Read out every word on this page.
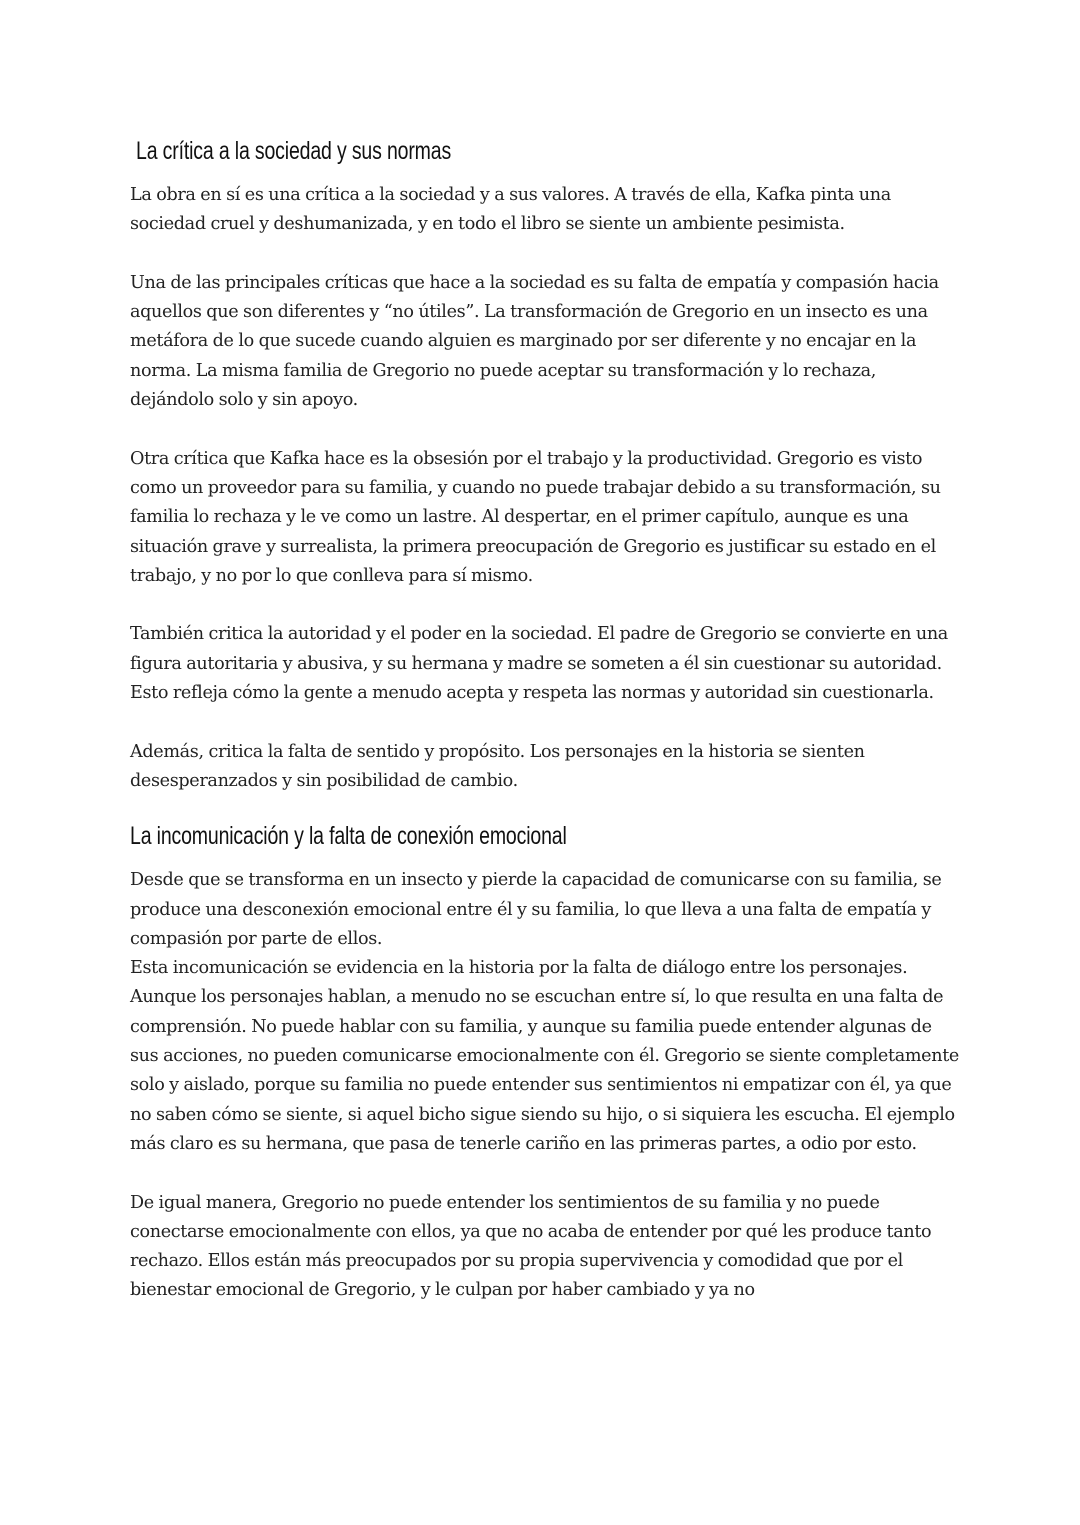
La crítica a la sociedad y sus normas

La obra en sí es una crítica a la sociedad y a sus valores. A través de ella, Kafka pinta una sociedad cruel y deshumanizada, y en todo el libro se siente un ambiente pesimista.

Una de las principales críticas que hace a la sociedad es su falta de empatía y compasión hacia aquellos que son diferentes y “no útiles”. La transformación de Gregorio en un insecto es una metáfora de lo que sucede cuando alguien es marginado por ser diferente y no encajar en la norma. La misma familia de Gregorio no puede aceptar su transformación y lo rechaza, dejándolo solo y sin apoyo.

Otra crítica que Kafka hace es la obsesión por el trabajo y la productividad. Gregorio es visto como un proveedor para su familia, y cuando no puede trabajar debido a su transformación, su familia lo rechaza y le ve como un lastre. Al despertar, en el primer capítulo, aunque es una situación grave y surrealista, la primera preocupación de Gregorio es justificar su estado en el trabajo, y no por lo que conlleva para sí mismo.

También critica la autoridad y el poder en la sociedad. El padre de Gregorio se convierte en una figura autoritaria y abusiva, y su hermana y madre se someten a él sin cuestionar su autoridad. Esto refleja cómo la gente a menudo acepta y respeta las normas y autoridad sin cuestionarla.

Además, critica la falta de sentido y propósito. Los personajes en la historia se sienten desesperanzados y sin posibilidad de cambio.

La incomunicación y la falta de conexión emocional

Desde que se transforma en un insecto y pierde la capacidad de comunicarse con su familia, se produce una desconexión emocional entre él y su familia, lo que lleva a una falta de empatía y compasión por parte de ellos.

Esta incomunicación se evidencia en la historia por la falta de diálogo entre los personajes. Aunque los personajes hablan, a menudo no se escuchan entre sí, lo que resulta en una falta de comprensión. No puede hablar con su familia, y aunque su familia puede entender algunas de sus acciones, no pueden comunicarse emocionalmente con él. Gregorio se siente completamente solo y aislado, porque su familia no puede entender sus sentimientos ni empatizar con él, ya que no saben cómo se siente, si aquel bicho sigue siendo su hijo, o si siquiera les escucha. El ejemplo más claro es su hermana, que pasa de tenerle cariño en las primeras partes, a odio por esto.

De igual manera, Gregorio no puede entender los sentimientos de su familia y no puede conectarse emocionalmente con ellos, ya que no acaba de entender por qué les produce tanto rechazo. Ellos están más preocupados por su propia supervivencia y comodidad que por el bienestar emocional de Gregorio, y le culpan por haber cambiado y ya no
